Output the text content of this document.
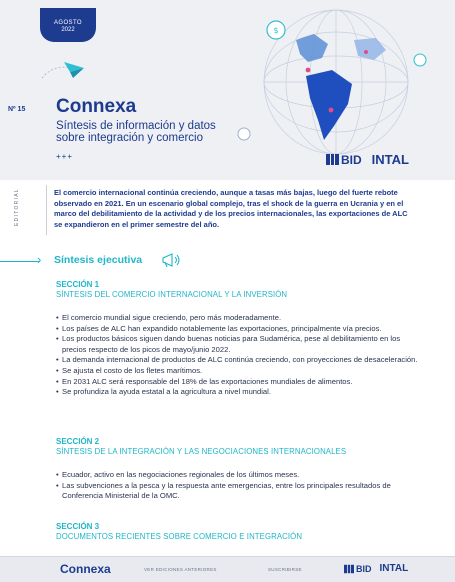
AGOSTO
2022	$
Nº 15 Connexa

Síntesis de información y datos sobre integración y comercio

+++	BID INTAL
EDITORIAL	El comercio internacional continúa creciendo, aunque a tasas más bajas, luego del fuerte rebote observado en 2021. En un escenario global complejo, tras el shock de la guerra en Ucrania y en el marco del debilitamiento de la actividad y de los precios internacionales, las exportaciones de ALC se expandieron en el primer semestre del año.

› Síntesis ejecutiva
SECCIÓN 1
SÍNTESIS DEL COMERCIO INTERNACIONAL Y LA INVERSIÓN
• El comercio mundial sigue creciendo, pero más moderadamente.
• Los países de ALC han expandido notablemente las exportaciones, principalmente vía precios.
• Los productos básicos siguen dando buenas noticias para Sudamérica, pese al debilitamiento en los precios respecto de los picos de mayo/junio 2022.
• La demanda internacional de productos de ALC continúa creciendo, con proyecciones de desaceleración.
• Se ajusta el costo de los fletes marítimos.
• En 2031 ALC será responsable del 18% de las exportaciones mundiales de alimentos.
• Se profundiza la ayuda estatal a la agricultura a nivel mundial.
SECCIÓN 2
SÍNTESIS DE LA INTEGRACIÓN Y LAS NEGOCIACIONES INTERNACIONALES
• Ecuador, activo en las negociaciones regionales de los últimos meses.
• Las subvenciones a la pesca y la respuesta ante emergencias, entre los principales resultados de Conferencia Ministerial de la OMC.
SECCIÓN 3
DOCUMENTOS RECIENTES SOBRE COMERCIO E INTEGRACIÓN
Connexa	VER EDICIONES ANTERIORES	SUSCRIBIRSE	BID INTAL
